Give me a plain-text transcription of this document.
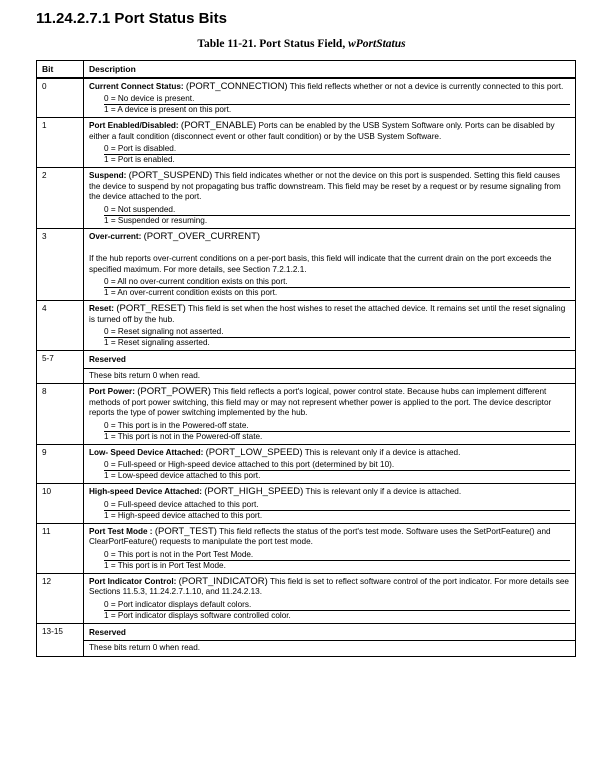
11.24.2.7.1 Port Status Bits
Table 11-21. Port Status Field, wPortStatus
Bit	Description
0	Current Connect Status: (PORT_CONNECTION) This field reflects whether or not a device is currently connected to this port.
0 = No device is present.
1 = A device is present on this port.

1	Port Enabled/Disabled: (PORT_ENABLE) Ports can be enabled by the USB System Software only. Ports can be disabled by either a fault condition (disconnect event or other fault condition) or by the USB System Software.
0 = Port is disabled.
1 = Port is enabled.

2	Suspend: (PORT_SUSPEND) This field indicates whether or not the device on this port is suspended. Setting this field causes the device to suspend by not propagating bus traffic downstream. This field may be reset by a request or by resume signaling from the device attached to the port.
0 = Not suspended.
1 = Suspended or resuming.

3	Over-current: (PORT_OVER_CURRENT)
If the hub reports over-current conditions on a per-port basis, this field will indicate that the current drain on the port exceeds the specified maximum. For more details, see Section 7.2.1.2.1.
0 = All no over-current condition exists on this port.
1 = An over-current condition exists on this port.

4	Reset: (PORT_RESET) This field is set when the host wishes to reset the attached device. It remains set until the reset signaling is turned off by the hub.
0 = Reset signaling not asserted.
1 = Reset signaling asserted.

5-7	Reserved
These bits return 0 when read.

8	Port Power: (PORT_POWER) This field reflects a port's logical, power control state. Because hubs can implement different methods of port power switching, this field may or may not represent whether power is applied to the port. The device descriptor reports the type of power switching implemented by the hub.
0 = This port is in the Powered-off state.
1 = This port is not in the Powered-off state.

9	Low- Speed Device Attached: (PORT_LOW_SPEED) This is relevant only if a device is attached.
0 = Full-speed or High-speed device attached to this port (determined by bit 10).
1 = Low-speed device attached to this port.

10	High-speed Device Attached: (PORT_HIGH_SPEED) This is relevant only if a device is attached.
0 = Full-speed device attached to this port.
1 = High-speed device attached to this port.

11	Port Test Mode : (PORT_TEST) This field reflects the status of the port's test mode. Software uses the SetPortFeature() and ClearPortFeature() requests to manipulate the port test mode.
0 = This port is not in the Port Test Mode.
1 = This port is in Port Test Mode.

12	Port Indicator Control: (PORT_INDICATOR) This field is set to reflect software control of the port indicator. For more details see Sections 11.5.3, 11.24.2.7.1.10, and 11.24.2.13.
0 = Port indicator displays default colors.
1 = Port indicator displays software controlled color.

13-15	Reserved
These bits return 0 when read.
